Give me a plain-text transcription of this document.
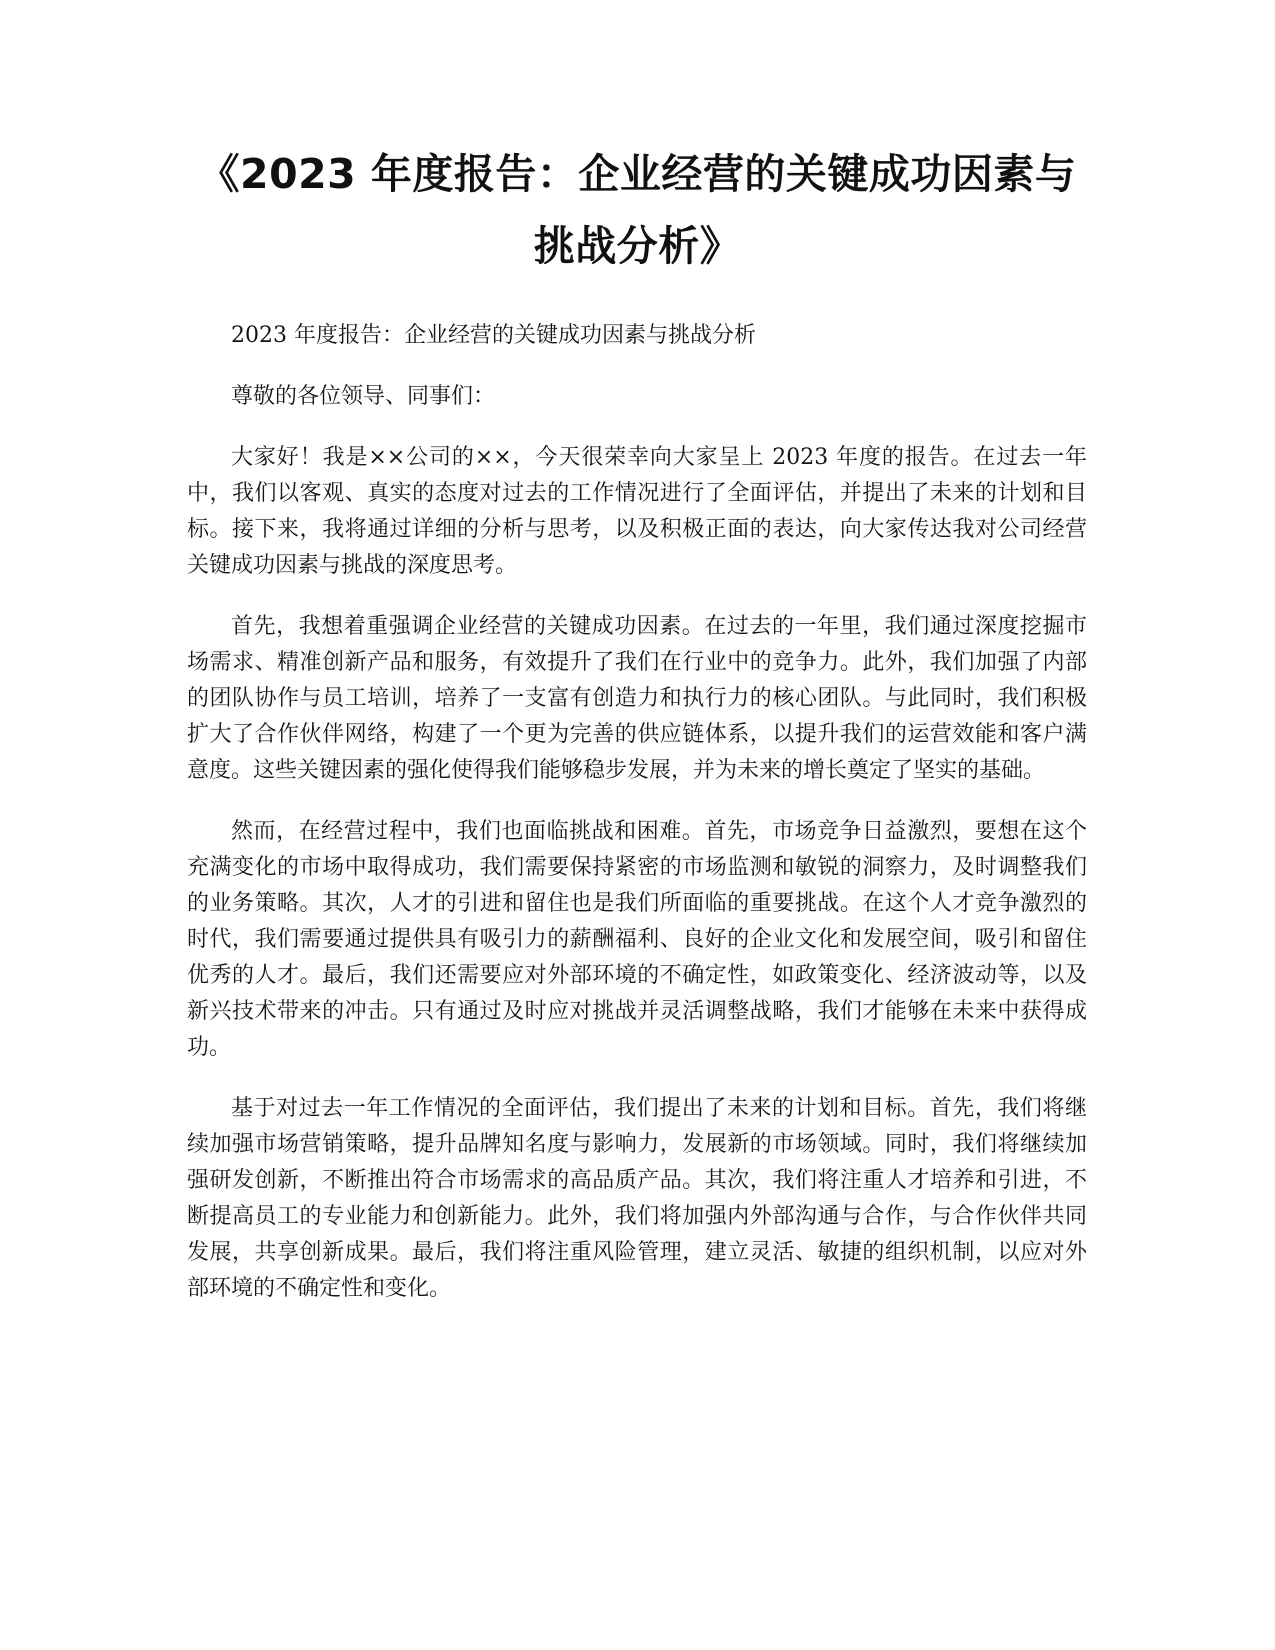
《2023 年度报告：企业经营的关键成功因素与挑战分析》

2023 年度报告：企业经营的关键成功因素与挑战分析

尊敬的各位领导、同事们：

大家好！我是××公司的××，今天很荣幸向大家呈上 2023 年度的报告。在过去一年中，我们以客观、真实的态度对过去的工作情况进行了全面评估，并提出了未来的计划和目标。接下来，我将通过详细的分析与思考，以及积极正面的表达，向大家传达我对公司经营关键成功因素与挑战的深度思考。

首先，我想着重强调企业经营的关键成功因素。在过去的一年里，我们通过深度挖掘市场需求、精准创新产品和服务，有效提升了我们在行业中的竞争力。此外，我们加强了内部的团队协作与员工培训，培养了一支富有创造力和执行力的核心团队。与此同时，我们积极扩大了合作伙伴网络，构建了一个更为完善的供应链体系，以提升我们的运营效能和客户满意度。这些关键因素的强化使得我们能够稳步发展，并为未来的增长奠定了坚实的基础。

然而，在经营过程中，我们也面临挑战和困难。首先，市场竞争日益激烈，要想在这个充满变化的市场中取得成功，我们需要保持紧密的市场监测和敏锐的洞察力，及时调整我们的业务策略。其次，人才的引进和留住也是我们所面临的重要挑战。在这个人才竞争激烈的时代，我们需要通过提供具有吸引力的薪酬福利、良好的企业文化和发展空间，吸引和留住优秀的人才。最后，我们还需要应对外部环境的不确定性，如政策变化、经济波动等，以及新兴技术带来的冲击。只有通过及时应对挑战并灵活调整战略，我们才能够在未来中获得成功。

基于对过去一年工作情况的全面评估，我们提出了未来的计划和目标。首先，我们将继续加强市场营销策略，提升品牌知名度与影响力，发展新的市场领域。同时，我们将继续加强研发创新，不断推出符合市场需求的高品质产品。其次，我们将注重人才培养和引进，不断提高员工的专业能力和创新能力。此外，我们将加强内外部沟通与合作，与合作伙伴共同发展，共享创新成果。最后，我们将注重风险管理，建立灵活、敏捷的组织机制，以应对外部环境的不确定性和变化。
